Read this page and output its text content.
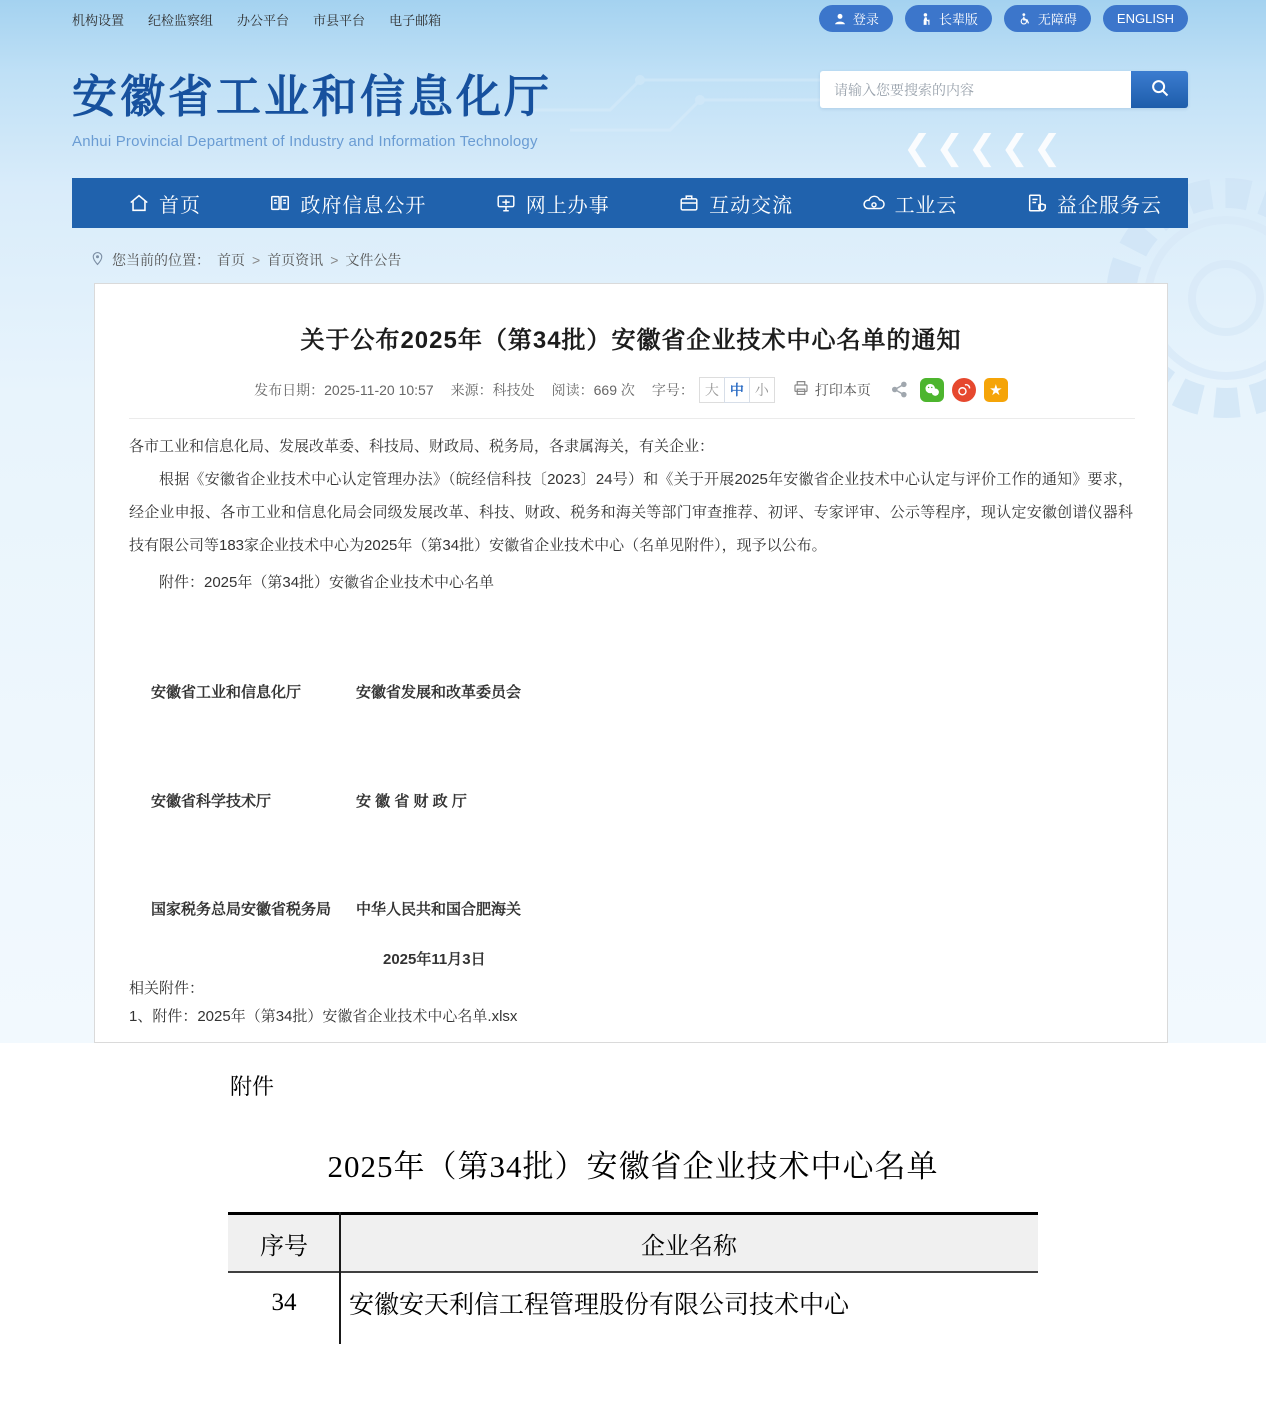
❮❮❮❮❮
机构设置 纪检监察组 办公平台 市县平台 电子邮箱	登录	长辈版	无障碍	ENGLISH
安徽省工业和信息化厅
Anhui Provincial Department of Industry and Information Technology
请输入您要搜索的内容
首页	政府信息公开	网上办事	互动交流	工业云	益企服务云
您当前的位置： 首页 > 首页资讯 > 文件公告
关于公布2025年（第34批）安徽省企业技术中心名单的通知
发布日期：2025-11-20 10:57 来源：科技处 阅读：669 次 字号： 大 中 小	打印本页	★

各市工业和信息化局、发展改革委、科技局、财政局、税务局，各隶属海关，有关企业：

根据《安徽省企业技术中心认定管理办法》（皖经信科技〔2023〕24号）和《关于开展2025年安徽省企业技术中心认定与评价工作的通知》要求，经企业申报、各市工业和信息化局会同级发展改革、科技、财政、税务和海关等部门审查推荐、初评、专家评审、公示等程序，现认定安徽创谱仪器科技有限公司等183家企业技术中心为2025年（第34批）安徽省企业技术中心（名单见附件），现予以公布。

附件：2025年（第34批）安徽省企业技术中心名单
安徽省工业和信息化厅	安徽省发展和改革委员会
安徽省科学技术厅	安 徽 省 财 政 厅
国家税务总局安徽省税务局 中华人民共和国合肥海关
2025年11月3日
相关附件：
1、附件：2025年（第34批）安徽省企业技术中心名单.xlsx
附件
2025年（第34批）安徽省企业技术中心名单
序号	企业名称
34	安徽安天利信工程管理股份有限公司技术中心
